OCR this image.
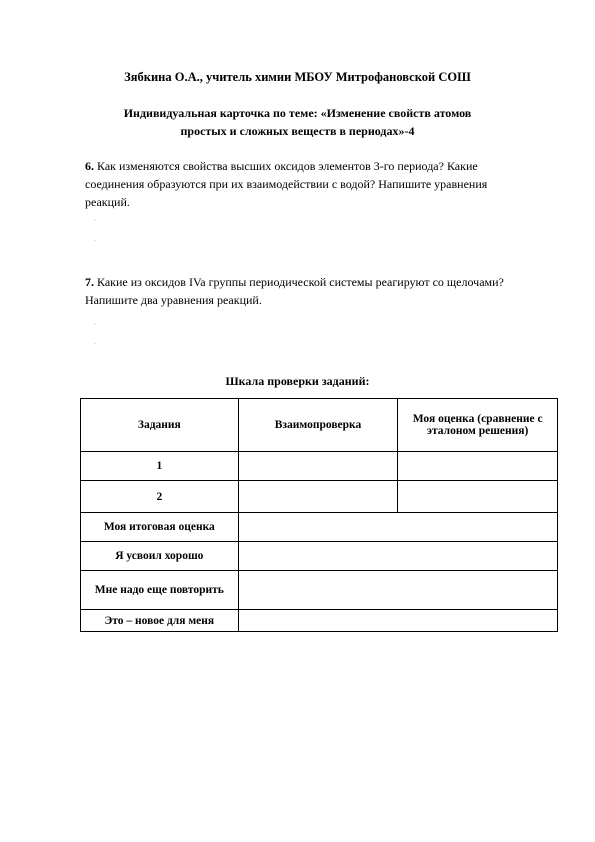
Зябкина О.А., учитель химии МБОУ Митрофановской СОШ
Индивидуальная карточка по теме: «Изменение свойств атомов
простых и сложных веществ в периодах»-4
6. Как изменяются свойства высших оксидов элементов 3-го периода? Какие соединения образуются при их взаимодействии с водой? Напишите уравнения реакций.
·
·
7. Какие из оксидов IVa группы периодической системы реагируют со щелочами? Напишите два уравнения реакций.
·
·
Шкала проверки заданий:
Задания	Взаимопроверка	Моя оценка (сравнение с эталоном решения)
1		
2		
Моя итоговая оценка		
Я усвоил хорошо		
Мне надо еще повторить		
Это – новое для меня		
